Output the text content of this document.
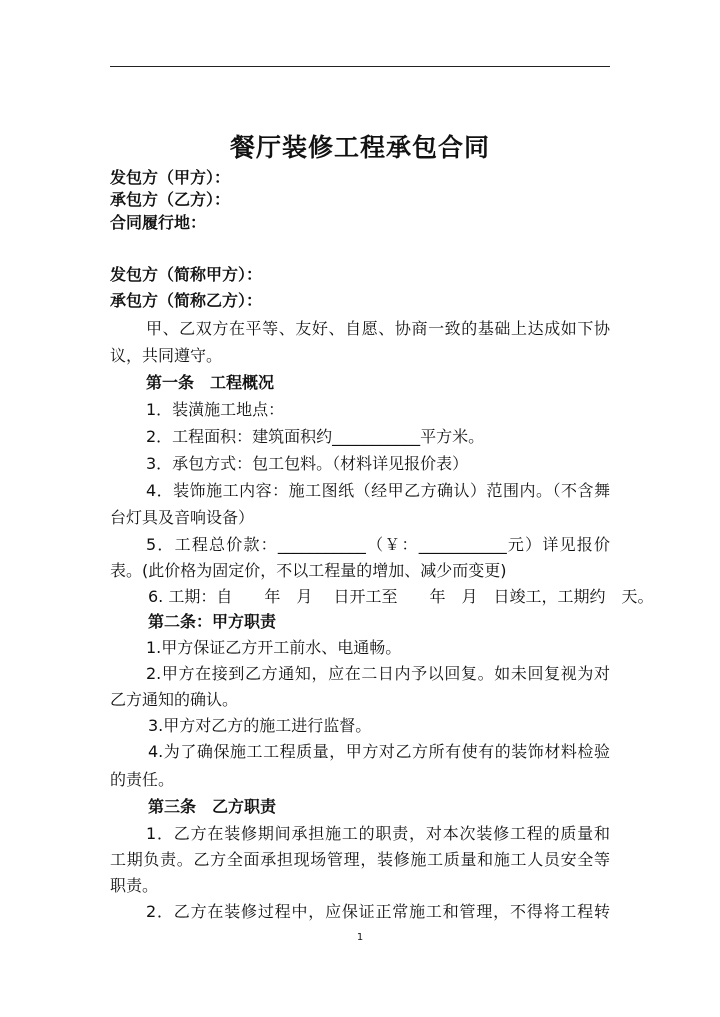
餐厅装修工程承包合同
发包方（甲方）：
承包方（乙方）：
合同履行地：
发包方（简称甲方）：
承包方（简称乙方）：
甲、乙双方在平等、友好、自愿、协商一致的基础上达成如下协
议，共同遵守。
第一条　工程概况
1．装潢施工地点：
2．工程面积：建筑面积约___________平方米。
3．承包方式：包工包料。（材料详见报价表）
4．装饰施工内容：施工图纸（经甲乙方确认）范围内。（不含舞
台灯具及音响设备）
5．工程总价款：___________（￥：___________元）详见报价
表。(此价格为固定价，不以工程量的增加、减少而变更)
6. 工期：自　　年　月　 日开工至　　年　月　日竣工，工期约　天。
第二条：甲方职责
1.甲方保证乙方开工前水、电通畅。
2.甲方在接到乙方通知，应在二日内予以回复。如未回复视为对
乙方通知的确认。
3.甲方对乙方的施工进行监督。
4.为了确保施工工程质量，甲方对乙方所有使有的装饰材料检验
的责任。
第三条　乙方职责
1．乙方在装修期间承担施工的职责，对本次装修工程的质量和
工期负责。乙方全面承担现场管理，装修施工质量和施工人员安全等
职责。
2．乙方在装修过程中，应保证正常施工和管理，不得将工程转
1
